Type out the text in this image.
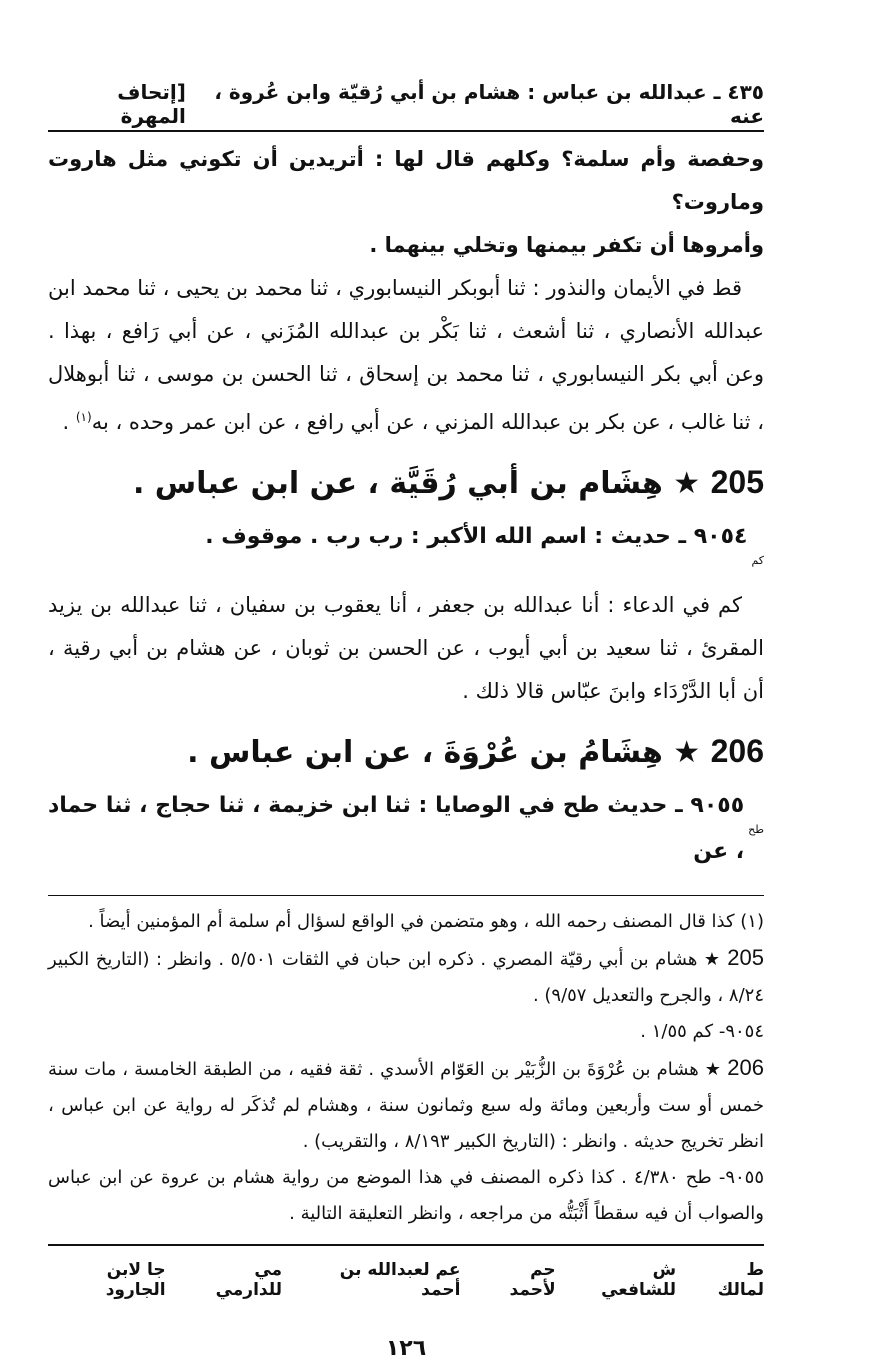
٤٣٥ ـ عبدالله بن عباس : هشام بن أبي رُقيّة وابن عُروة ، عنه
[إتحاف المهرة

وحفصة وأم سلمة؟ وكلهم قال لها : أتريدين أن تكوني مثل هاروت وماروت؟

وأمروها أن تكفر بيمنها وتخلي بينهما .

قط في الأيمان والنذور : ثنا أبوبكر النيسابوري ، ثنا محمد بن يحيى ، ثنا محمد ابن عبدالله الأنصاري ، ثنا أشعث ، ثنا بَكْر بن عبدالله المُزَني ، عن أبي رَافع ، بهذا . وعن أبي بكر النيسابوري ، ثنا محمد بن إسحاق ، ثنا الحسن بن موسى ، ثنا أبوهلال ، ثنا غالب ، عن بكر بن عبدالله المزني ، عن أبي رافع ، عن ابن عمر وحده ، به$^{(١)}$ .

205 ★ هِشَام بن أبي رُقَيَّة ، عن ابن عباس .
كم
٩٠٥٤ ـ حديث : اسم الله الأكبر : رب رب . موقوف .

كم في الدعاء : أنا عبدالله بن جعفر ، أنا يعقوب بن سفيان ، ثنا عبدالله بن يزيد المقرئ ، ثنا سعيد بن أبي أيوب ، عن الحسن بن ثوبان ، عن هشام بن أبي رقية ، أن أبا الدَّرْدَاء وابنَ عبّاس قالا ذلك .

206 ★ هِشَامُ بن عُرْوَةَ ، عن ابن عباس .
طح
٩٠٥٥ ـ حديث طح في الوصايا : ثنا ابن خزيمة ، ثنا حجاج ، ثنا حماد ، عن

(١) كذا قال المصنف رحمه الله ، وهو متضمن في الواقع لسؤال أم سلمة أم المؤمنين أيضاً .

205 ★ هشام بن أبي رقيّة المصري . ذكره ابن حبان في الثقات ٥/٥٠١ . وانظر : (التاريخ الكبير ٨/٢٤ ، والجرح والتعديل ٩/٥٧) .

٩٠٥٤- كم ١/٥٥ .

206 ★ هشام بن عُرْوَةَ بن الزُّبَيْر بن العَوّام الأسدي . ثقة فقيه ، من الطبقة الخامسة ، مات سنة خمس أو ست وأربعين ومائة وله سبع وثمانون سنة ، وهشام لم تُذكَر له رواية عن ابن عباس ، انظر تخريج حديثه . وانظر : (التاريخ الكبير ٨/١٩٣ ، والتقريب) .

٩٠٥٥- طح ٤/٣٨٠ . كذا ذكره المصنف في هذا الموضع من رواية هشام بن عروة عن ابن عباس والصواب أن فيه سقطاً أَثْبَتُّه من مراجعه ، وانظر التعليقة التالية .

ط لمالك
ش للشافعي
حم لأحمد
عم لعبدالله بن أحمد
مي للدارمي
جا لابن الجارود
١٢٦
